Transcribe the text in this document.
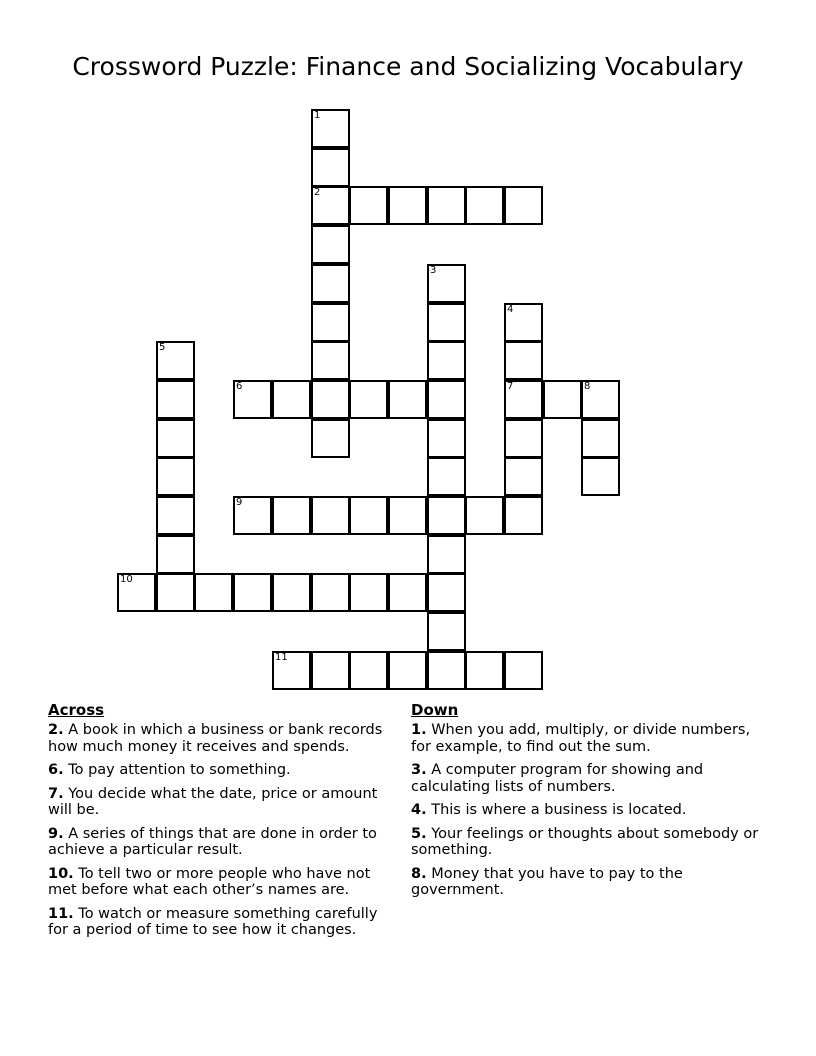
Crossword Puzzle: Finance and Socializing Vocabulary
1
2
3
4
7
5
6	8
9
10
11
Across
2. A book in which a business or bank records how much money it receives and spends.
6. To pay attention to something.
7. You decide what the date, price or amount will be.
9. A series of things that are done in order to achieve a particular result.
10. To tell two or more people who have not met before what each other’s names are.
11. To watch or measure something carefully for a period of time to see how it changes.
Down
1. When you add, multiply, or divide numbers, for example, to find out the sum.
3. A computer program for showing and calculating lists of numbers.
4. This is where a business is located.
5. Your feelings or thoughts about somebody or something.
8. Money that you have to pay to the government.
